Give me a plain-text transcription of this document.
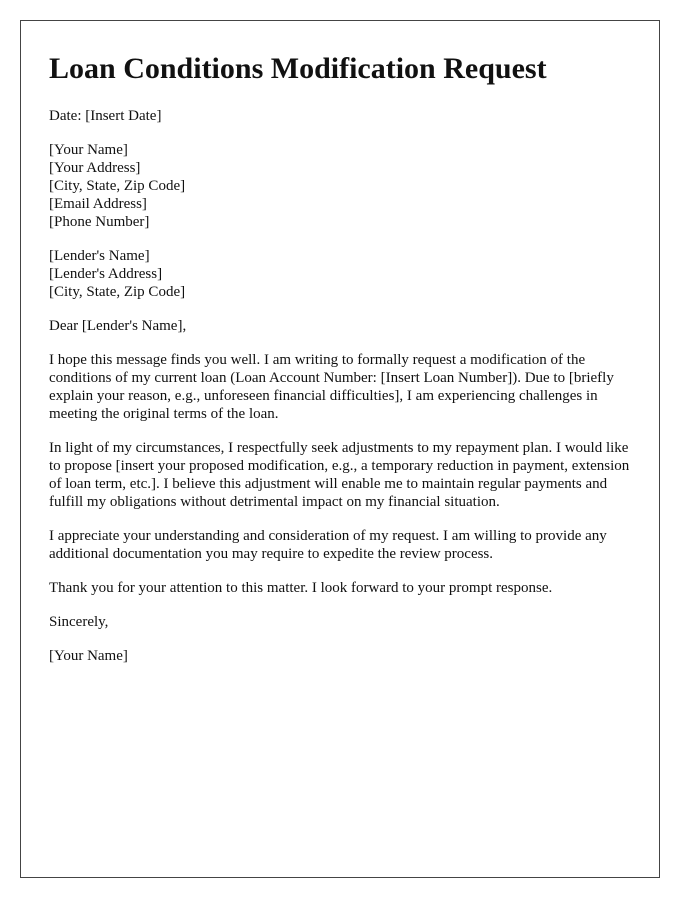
Loan Conditions Modification Request

Date: [Insert Date]

[Your Name]
[Your Address]
[City, State, Zip Code]
[Email Address]
[Phone Number]
[Lender's Name]
[Lender's Address]
[City, State, Zip Code]

Dear [Lender's Name],

I hope this message finds you well. I am writing to formally request a modification of the conditions of my current loan (Loan Account Number: [Insert Loan Number]). Due to [briefly explain your reason, e.g., unforeseen financial difficulties], I am experiencing challenges in meeting the original terms of the loan.

In light of my circumstances, I respectfully seek adjustments to my repayment plan. I would like to propose [insert your proposed modification, e.g., a temporary reduction in payment, extension of loan term, etc.]. I believe this adjustment will enable me to maintain regular payments and fulfill my obligations without detrimental impact on my financial situation.

I appreciate your understanding and consideration of my request. I am willing to provide any additional documentation you may require to expedite the review process.

Thank you for your attention to this matter. I look forward to your prompt response.

Sincerely,

[Your Name]
